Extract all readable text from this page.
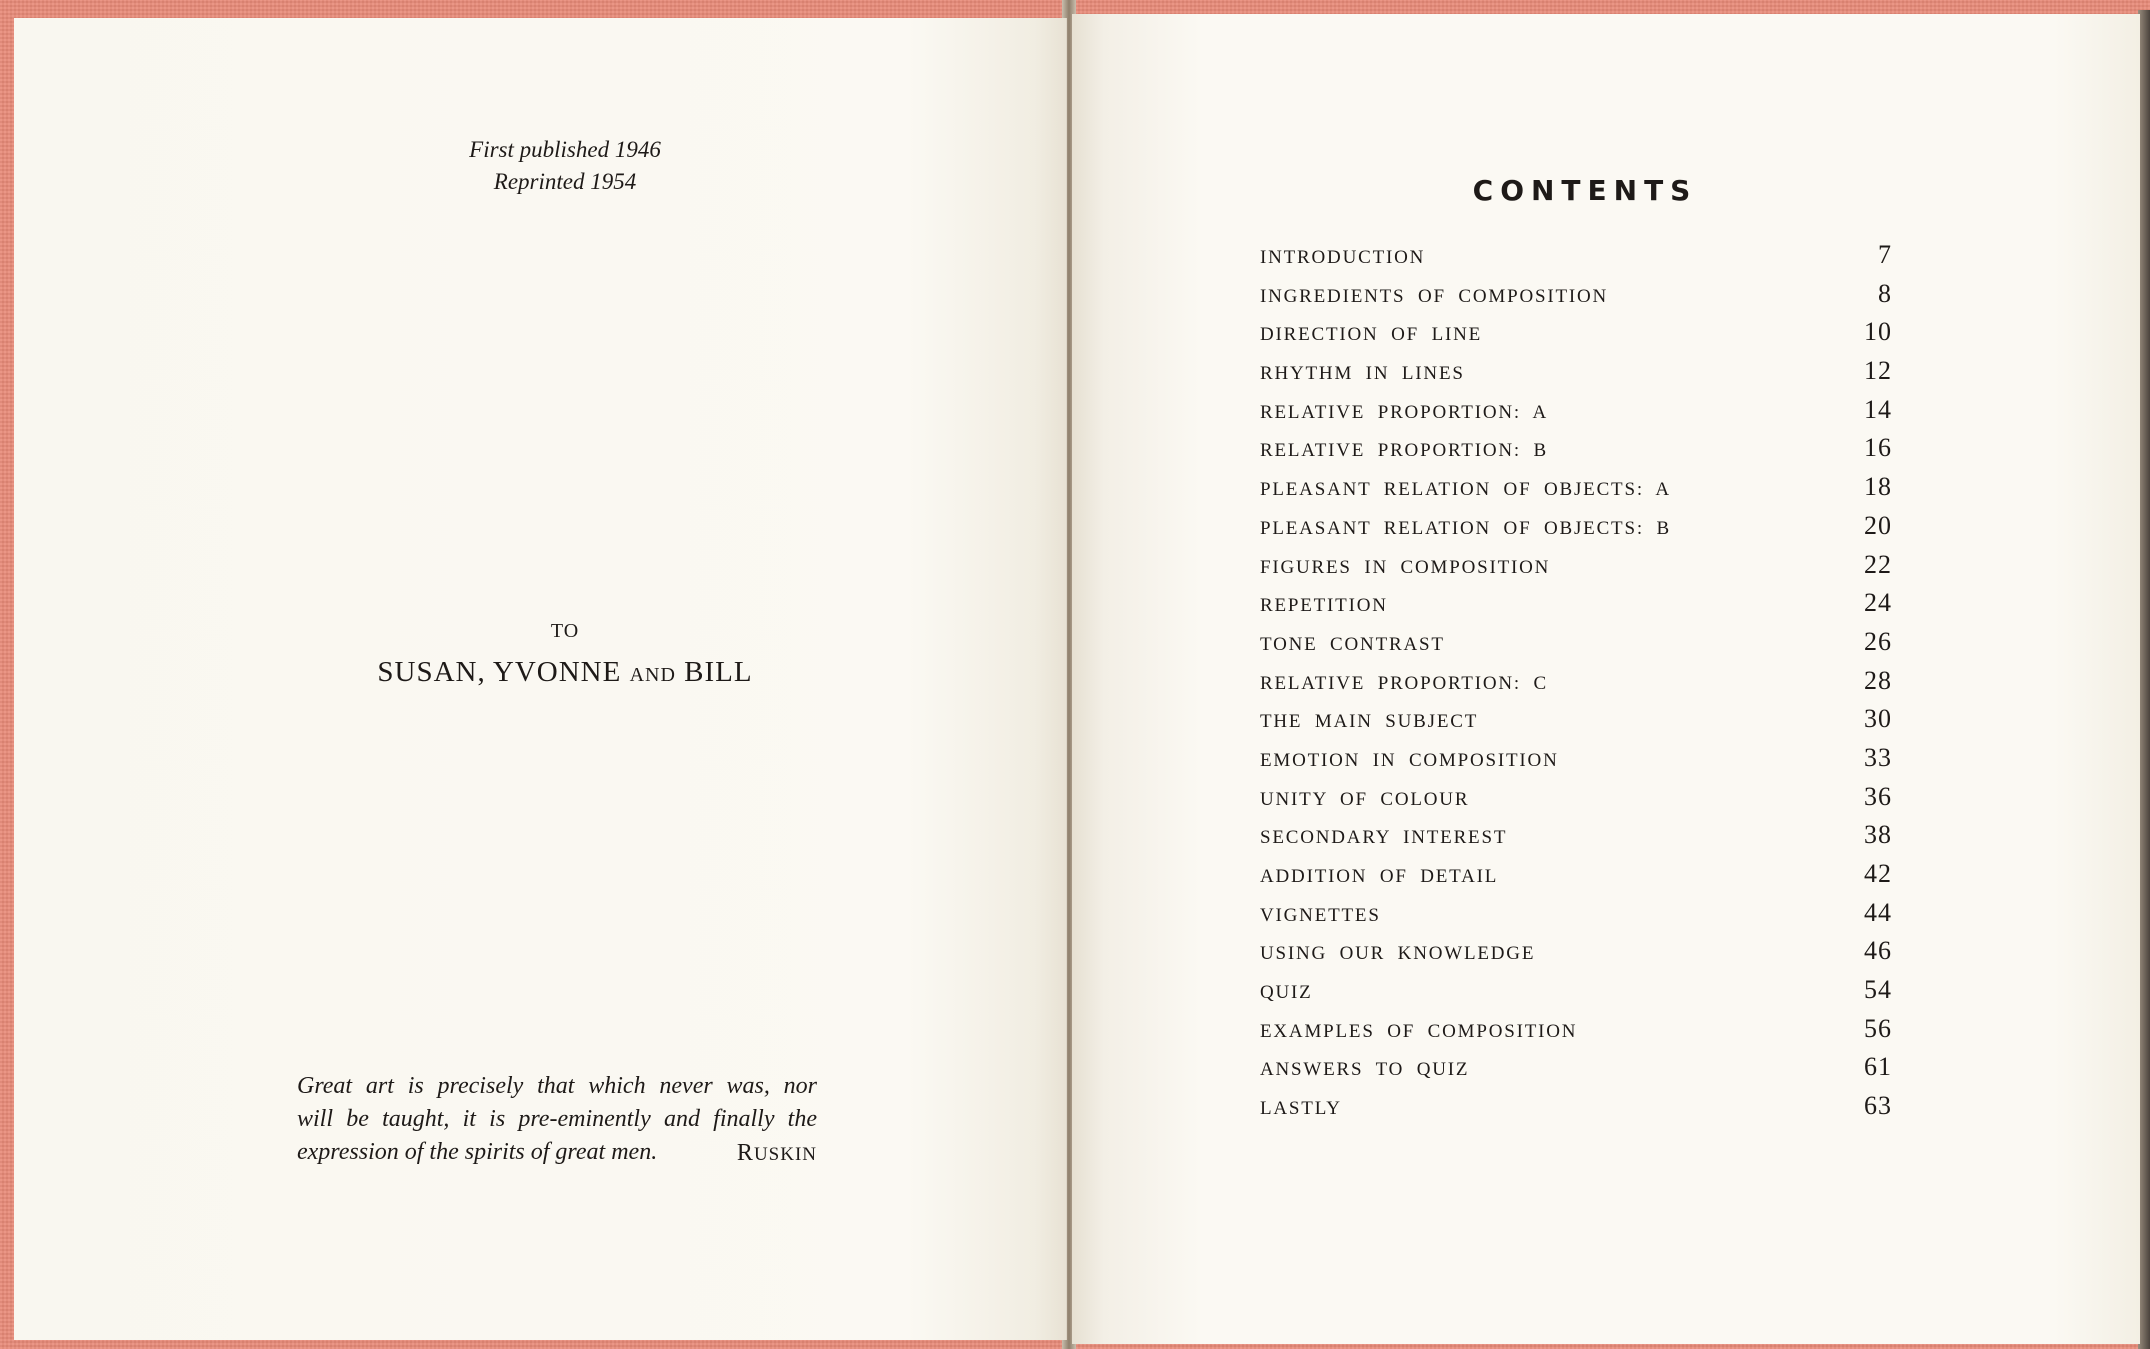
First published 1946
Reprinted 1954
TO
SUSAN, YVONNE AND BILL
Great art is precisely that which never was, nor
will be taught, it is pre-eminently and finally the
expression of the spirits of great men.	RUSKIN
CONTENTS
INTRODUCTION	7
INGREDIENTS OF COMPOSITION	8
DIRECTION OF LINE	10
RHYTHM IN LINES	12
RELATIVE PROPORTION: A	14
RELATIVE PROPORTION: B	16
PLEASANT RELATION OF OBJECTS: A	18
PLEASANT RELATION OF OBJECTS: B	20
FIGURES IN COMPOSITION	22
REPETITION	24
TONE CONTRAST	26
RELATIVE PROPORTION: C	28
THE MAIN SUBJECT	30
EMOTION IN COMPOSITION	33
UNITY OF COLOUR	36
SECONDARY INTEREST	38
ADDITION OF DETAIL	42
VIGNETTES	44
USING OUR KNOWLEDGE	46
QUIZ	54
EXAMPLES OF COMPOSITION	56
ANSWERS TO QUIZ	61
LASTLY	63
